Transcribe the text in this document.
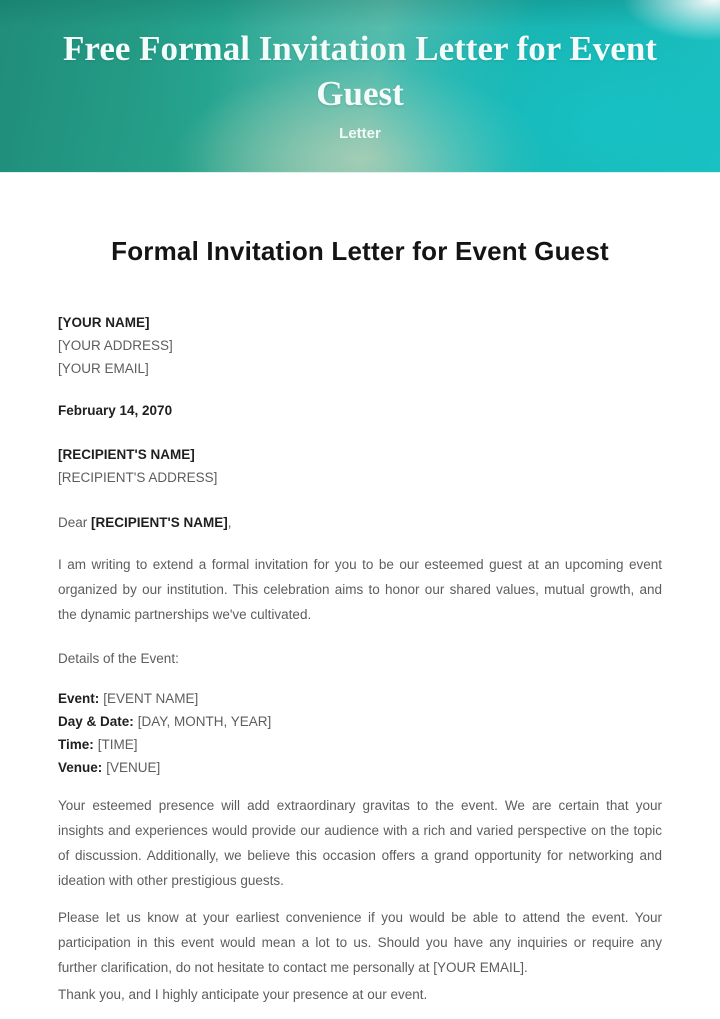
Free Formal Invitation Letter for Event Guest
Letter
Formal Invitation Letter for Event Guest
[YOUR NAME]
[YOUR ADDRESS]
[YOUR EMAIL]
February 14, 2070
[RECIPIENT'S NAME]
[RECIPIENT'S ADDRESS]
Dear [RECIPIENT'S NAME],

I am writing to extend a formal invitation for you to be our esteemed guest at an upcoming event organized by our institution. This celebration aims to honor our shared values, mutual growth, and the dynamic partnerships we've cultivated.

Details of the Event:
Event: [EVENT NAME]
Day & Date: [DAY, MONTH, YEAR]
Time: [TIME]
Venue: [VENUE]

Your esteemed presence will add extraordinary gravitas to the event. We are certain that your insights and experiences would provide our audience with a rich and varied perspective on the topic of discussion. Additionally, we believe this occasion offers a grand opportunity for networking and ideation with other prestigious guests.

Please let us know at your earliest convenience if you would be able to attend the event. Your participation in this event would mean a lot to us. Should you have any inquiries or require any further clarification, do not hesitate to contact me personally at [YOUR EMAIL].

Thank you, and I highly anticipate your presence at our event.
